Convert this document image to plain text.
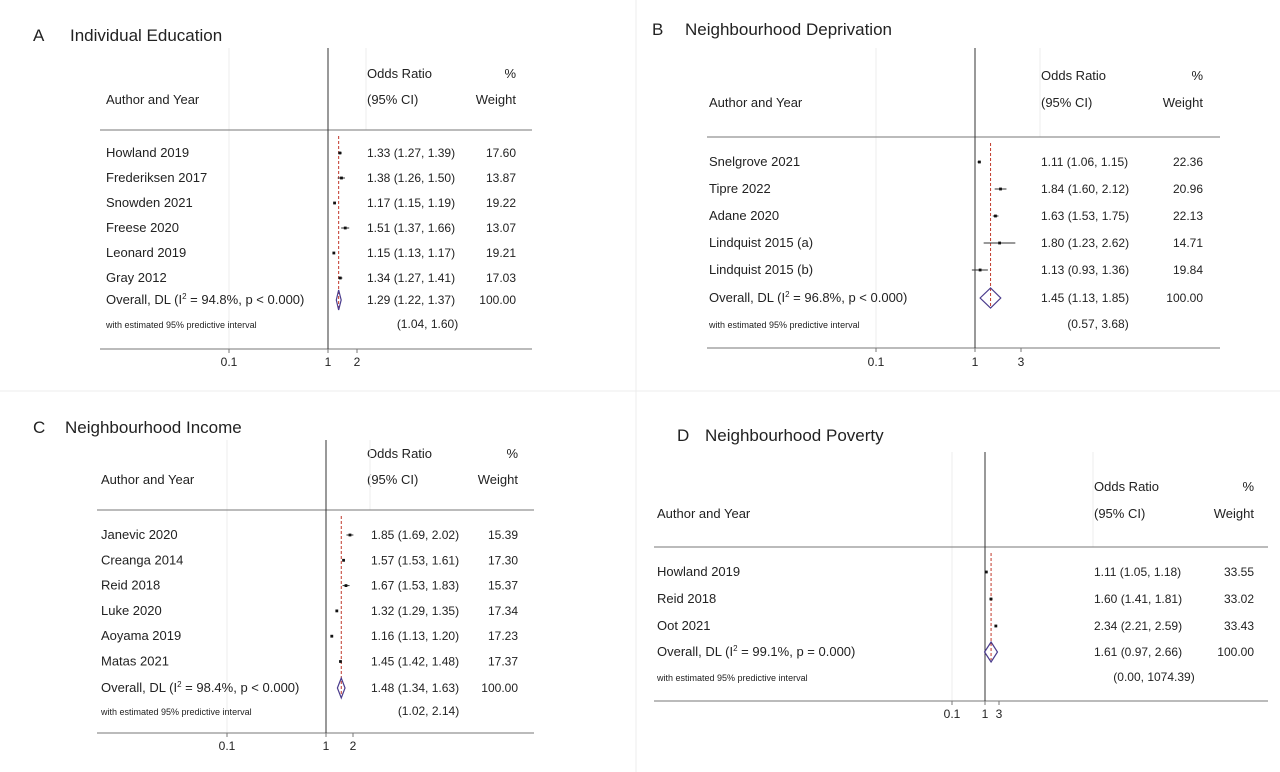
A Individual Education
Author and Year
Odds Ratio
(95% CI)
%
Weight
Howland 2019	1.33 (1.27, 1.39)	17.60
Frederiksen 2017	1.38 (1.26, 1.50)	13.87
Snowden 2021	1.17 (1.15, 1.19)	19.22
Freese 2020	1.51 (1.37, 1.66)	13.07
Leonard 2019	1.15 (1.13, 1.17)	19.21
Gray 2012	1.34 (1.27, 1.41)	17.03
Overall, DL ($I^2 = 94.8\%$, p < 0.000)	1.29 (1.22, 1.37) 100.00
with estimated 95% predictive interval	(1.04, 1.60)
0.1	1 2
B Neighbourhood Deprivation
Author and Year
Odds Ratio
(95% CI)
%
Weight
Snelgrove 2021	1.11 (1.06, 1.15)	22.36
Tipre 2022	1.84 (1.60, 2.12)	20.96
Adane 2020	1.63 (1.53, 1.75)	22.13
Lindquist 2015 (a)	1.80 (1.23, 2.62)	14.71
Lindquist 2015 (b)	1.13 (0.93, 1.36)	19.84
Overall, DL ($I^2 = 96.8\%$, p < 0.000)	1.45 (1.13, 1.85)	100.00
with estimated 95% predictive interval	(0.57, 3.68)
0.1	1	3
C Neighbourhood Income
Author and Year
Odds Ratio
(95% CI)
%
Weight
Janevic 2020	1.85 (1.69, 2.02) 15.39
Creanga 2014	1.57 (1.53, 1.61) 17.30
Reid 2018	1.67 (1.53, 1.83) 15.37
Luke 2020	1.32 (1.29, 1.35) 17.34
Aoyama 2019	1.16 (1.13, 1.20) 17.23
Matas 2021	1.45 (1.42, 1.48) 17.37
Overall, DL ($I^2 = 98.4\%$, p < 0.000)	1.48 (1.34, 1.63) 100.00
with estimated 95% predictive interval	(1.02, 2.14)
0.1	1 2
D Neighbourhood Poverty
Author and Year
Odds Ratio
(95% CI)
%
Weight
Howland 2019	1.11 (1.05, 1.18)	33.55
Reid 2018	1.60 (1.41, 1.81)	33.02
Oot 2021	2.34 (2.21, 2.59)	33.43
Overall, DL ($I^2 = 99.1\%$, p = 0.000)	1.61 (0.97, 2.66)	100.00
with estimated 95% predictive interval	(0.00, 1074.39)
0.1 1 3
